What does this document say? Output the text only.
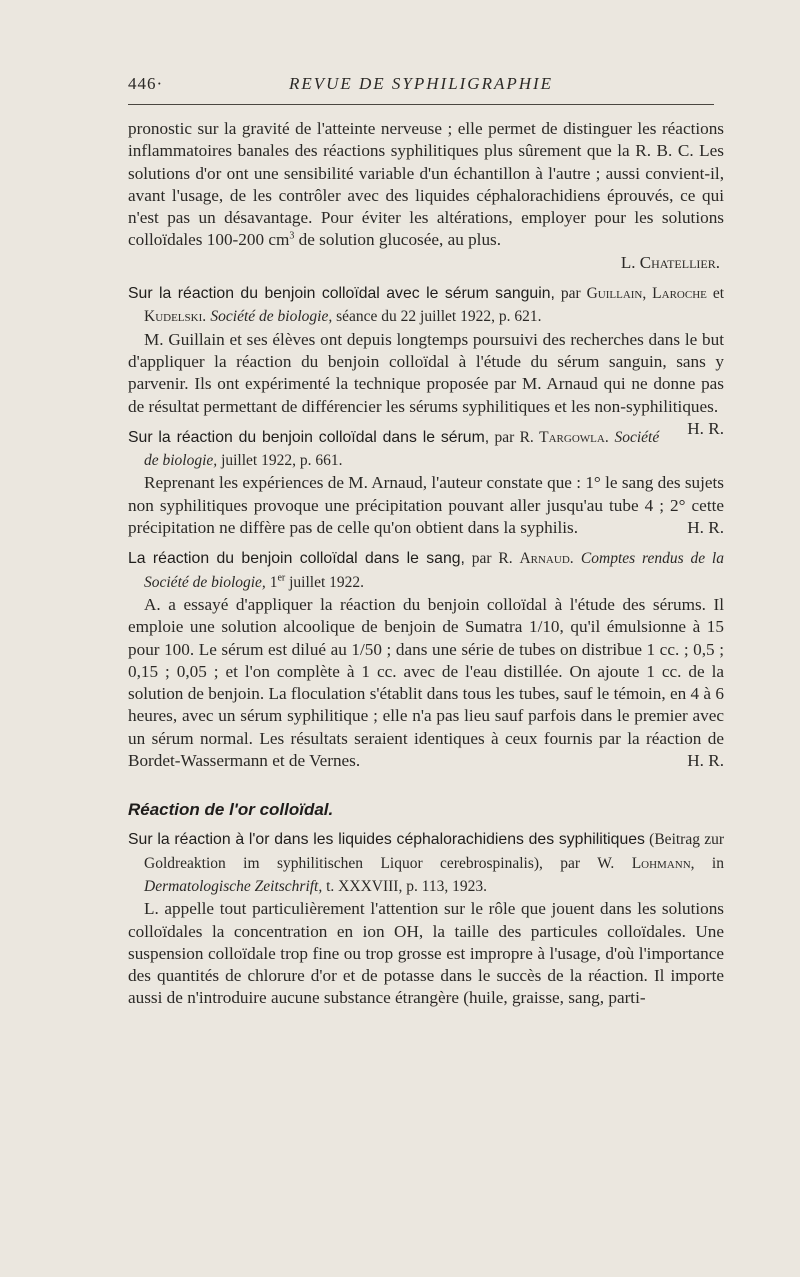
446·	REVUE DE SYPHILIGRAPHIE

pronostic sur la gravité de l'atteinte nerveuse ; elle permet de distinguer les réactions inflammatoires banales des réactions syphilitiques plus sûrement que la R. B. C. Les solutions d'or ont une sensibilité variable d'un échantillon à l'autre ; aussi convient-il, avant l'usage, de les contrôler avec des liquides céphalorachidiens éprouvés, ce qui n'est pas un désavantage. Pour éviter les altérations, employer pour les solutions colloïdales 100-200 $cm^3$ de solution glucosée, au plus.

L. Chatellier.

Sur la réaction du benjoin colloïdal avec le sérum sanguin, par Guillain, Laroche et Kudelski. Société de biologie, séance du 22 juillet 1922, p. 621.

M. Guillain et ses élèves ont depuis longtemps poursuivi des recherches dans le but d'appliquer la réaction du benjoin colloïdal à l'étude du sérum sanguin, sans y parvenir. Ils ont expérimenté la technique proposée par M. Arnaud qui ne donne pas de résultat permettant de différencier les sérums syphilitiques et les non-syphilitiques.
H. R.

Sur la réaction du benjoin colloïdal dans le sérum, par R. Targowla. Société de biologie, juillet 1922, p. 661.

Reprenant les expériences de M. Arnaud, l'auteur constate que : 1° le sang des sujets non syphilitiques provoque une précipitation pouvant aller jusqu'au tube 4 ; 2° cette précipitation ne diffère pas de celle qu'on obtient dans la syphilis.	H. R.

La réaction du benjoin colloïdal dans le sang, par R. Arnaud. Comptes rendus de la Société de biologie, 1er juillet 1922.

A. a essayé d'appliquer la réaction du benjoin colloïdal à l'étude des sérums. Il emploie une solution alcoolique de benjoin de Sumatra 1/10, qu'il émulsionne à 15 pour 100. Le sérum est dilué au 1/50 ; dans une série de tubes on distribue 1 cc. ; 0,5 ; 0,15 ; 0,05 ; et l'on complète à 1 cc. avec de l'eau distillée. On ajoute 1 cc. de la solution de benjoin. La floculation s'établit dans tous les tubes, sauf le témoin, en 4 à 6 heures, avec un sérum syphilitique ; elle n'a pas lieu sauf parfois dans le premier avec un sérum normal. Les résultats seraient identiques à ceux fournis par la réaction de Bordet-Wassermann et de Vernes.	H. R.

Réaction de l'or colloïdal.

Sur la réaction à l'or dans les liquides céphalorachidiens des syphilitiques (Beitrag zur Goldreaktion im syphilitischen Liquor cerebrospinalis), par W. Lohmann, in Dermatologische Zeitschrift, t. XXXVIII, p. 113, 1923.

L. appelle tout particulièrement l'attention sur le rôle que jouent dans les solutions colloïdales la concentration en ion OH, la taille des particules colloïdales. Une suspension colloïdale trop fine ou trop grosse est impropre à l'usage, d'où l'importance des quantités de chlorure d'or et de potasse dans le succès de la réaction. Il importe aussi de n'introduire aucune substance étrangère (huile, graisse, sang, parti-
